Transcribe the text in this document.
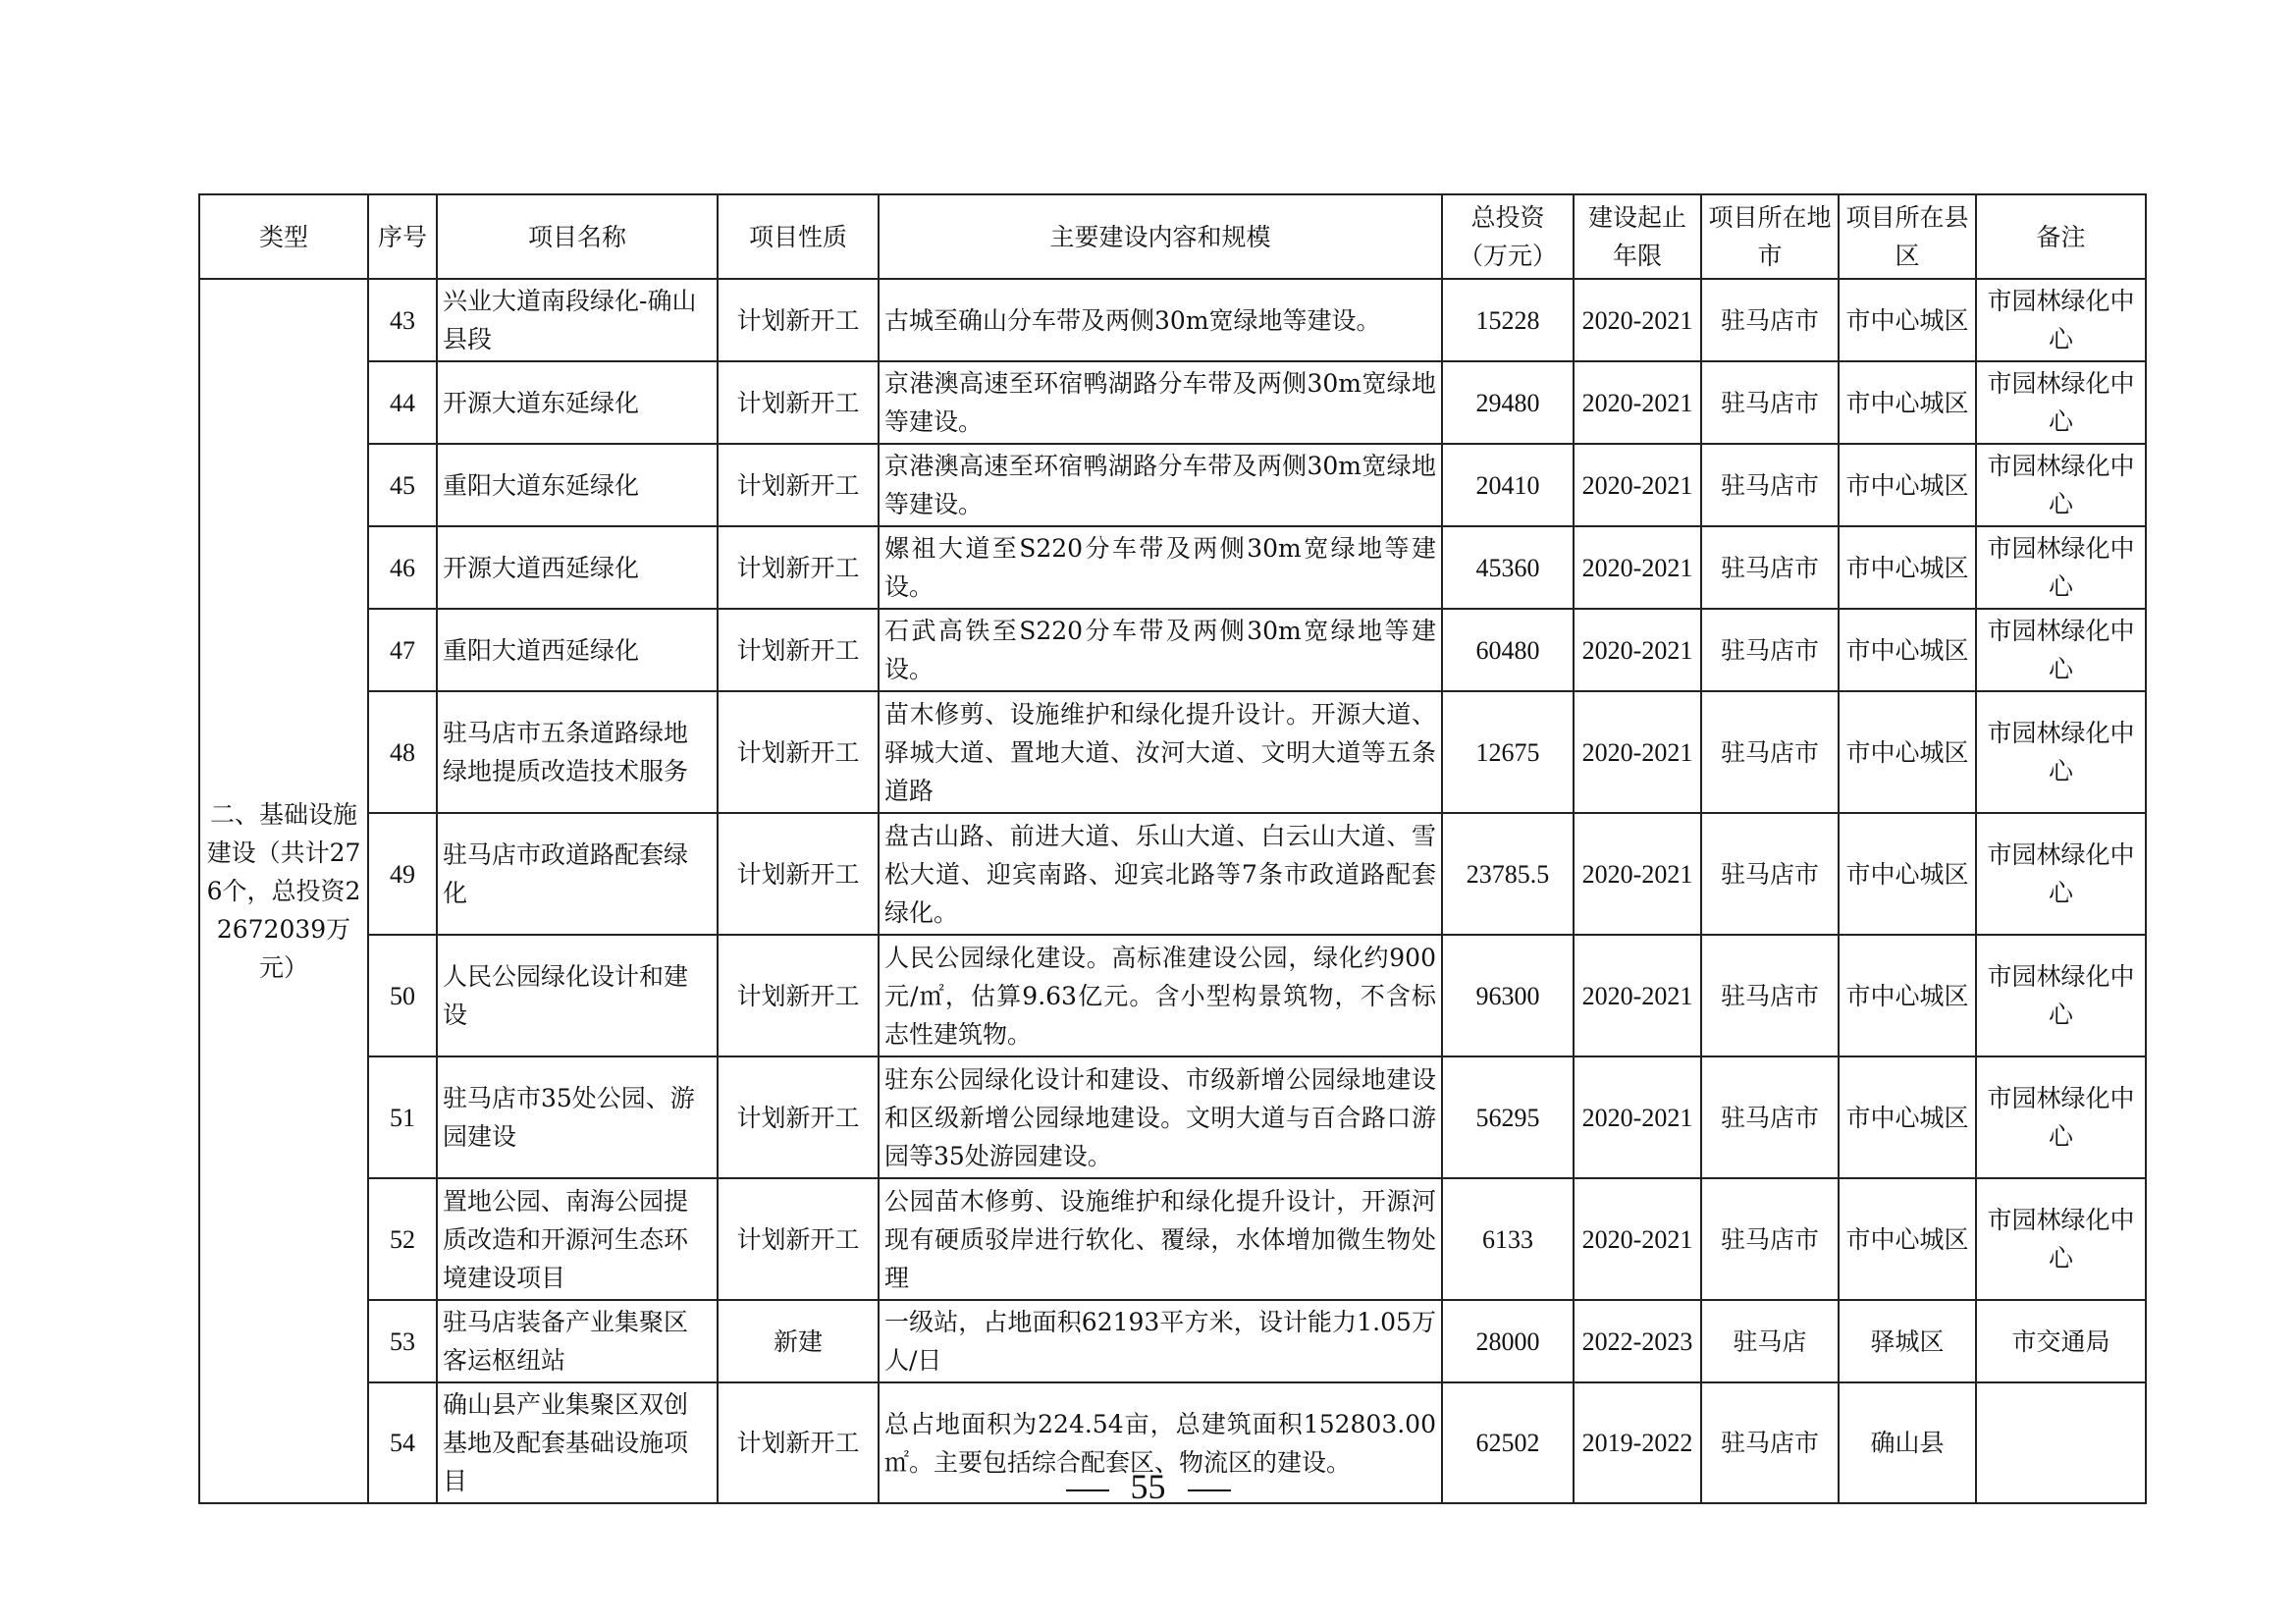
类型	序号	项目名称	项目性质	主要建设内容和规模	总投资（万元）	建设起止年限	项目所在地市	项目所在县区	备注
二、基础设施建设（共计276个，总投资22672039万元）	43	兴业大道南段绿化-确山县段	计划新开工	古城至确山分车带及两侧30m宽绿地等建设。	15228	2020-2021	驻马店市	市中心城区	市园林绿化中心
	44	开源大道东延绿化	计划新开工	京港澳高速至环宿鸭湖路分车带及两侧30m宽绿地等建设。	29480	2020-2021	驻马店市	市中心城区	市园林绿化中心
	45	重阳大道东延绿化	计划新开工	京港澳高速至环宿鸭湖路分车带及两侧30m宽绿地等建设。	20410	2020-2021	驻马店市	市中心城区	市园林绿化中心
	46	开源大道西延绿化	计划新开工	嫘祖大道至S220分车带及两侧30m宽绿地等建设。	45360	2020-2021	驻马店市	市中心城区	市园林绿化中心
	47	重阳大道西延绿化	计划新开工	石武高铁至S220分车带及两侧30m宽绿地等建设。	60480	2020-2021	驻马店市	市中心城区	市园林绿化中心
	48	驻马店市五条道路绿地绿地提质改造技术服务	计划新开工	苗木修剪、设施维护和绿化提升设计。开源大道、驿城大道、置地大道、汝河大道、文明大道等五条道路	12675	2020-2021	驻马店市	市中心城区	市园林绿化中心
	49	驻马店市政道路配套绿化	计划新开工	盘古山路、前进大道、乐山大道、白云山大道、雪松大道、迎宾南路、迎宾北路等7条市政道路配套绿化。	23785.5	2020-2021	驻马店市	市中心城区	市园林绿化中心
	50	人民公园绿化设计和建设	计划新开工	人民公园绿化建设。高标准建设公园，绿化约900元/㎡，估算9.63亿元。含小型构景筑物，不含标志性建筑物。	96300	2020-2021	驻马店市	市中心城区	市园林绿化中心
	51	驻马店市35处公园、游园建设	计划新开工	驻东公园绿化设计和建设、市级新增公园绿地建设和区级新增公园绿地建设。文明大道与百合路口游园等35处游园建设。	56295	2020-2021	驻马店市	市中心城区	市园林绿化中心
	52	置地公园、南海公园提质改造和开源河生态环境建设项目	计划新开工	公园苗木修剪、设施维护和绿化提升设计，开源河现有硬质驳岸进行软化、覆绿，水体增加微生物处理	6133	2020-2021	驻马店市	市中心城区	市园林绿化中心
	53	驻马店装备产业集聚区客运枢纽站	新建	一级站，占地面积62193平方米，设计能力1.05万人/日	28000	2022-2023	驻马店	驿城区	市交通局
	54	确山县产业集聚区双创基地及配套基础设施项目	计划新开工	总占地面积为224.54亩，总建筑面积152803.00㎡。主要包括综合配套区、物流区的建设。	62502	2019-2022	驻马店市	确山县	
55
